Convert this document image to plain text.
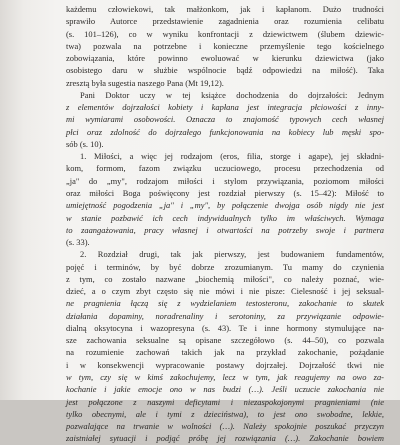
każdemu człowiekowi, tak małżonkom, jak i kapłanom. Dużo trudności
sprawiło Autorce przedstawienie zagadnienia oraz rozumienia celibatu
(s. 101–126), co w wyniku konfrontacji z dziewictwem (ślubem dziewic-
twa) pozwala na potrzebne i konieczne przemyślenie tego kościelnego
zobowiązania, które powinno ewoluować w kierunku dziewictwa (jako
osobistego daru w służbie wspólnocie bądź odpowiedzi na miłość). Taka
zresztą była sugestia naszego Pana (Mt 19,12).

Pani Doktor uczy w tej książce dochodzenia do dojrzałości: Jednym
z elementów dojrzałości kobiety i kapłana jest integracja płciowości z inny-
mi wymiarami osobowości. Oznacza to znajomość typowych cech własnej
płci oraz zdolność do dojrzałego funkcjonowania na kobiecy lub męski spo-
sób (s. 10).

1. Miłości, a więc jej rodzajom (eros, filia, storge i agape), jej składni-
kom, formom, fazom związku uczuciowego, procesu przechodzenia od
„ja" do „my", rodzajom miłości i stylom przywiązania, poziomom miłości
oraz miłości Boga poświęcony jest rozdział pierwszy (s. 15–42): Miłość to
umiejętność pogodzenia „ja" i „my", by połączenie dwojga osób nigdy nie jest
w stanie pozbawić ich cech indywidualnych tylko im właściwych. Wymaga
to zaangażowania, pracy własnej i otwartości na potrzeby swoje i partnera
(s. 33).

2. Rozdział drugi, tak jak pierwszy, jest budowaniem fundamentów,
pojęć i terminów, by być dobrze zrozumianym. Tu mamy do czynienia
z tym, co zostało nazwane „biochemią miłości", co należy poznać, wie-
dzieć, a o czym zbyt często się nie mówi i nie pisze: Cielesność i jej seksual-
ne pragnienia łączą się z wydzielaniem testosteronu, zakochanie to skutek
działania dopaminy, noradrenaliny i serotoniny, za przywiązanie odpowie-
dialną oksytocyna i wazopresyna (s. 43). Te i inne hormony stymulujące na-
sze zachowania seksualne są opisane szczegółowo (s. 44–50), co pozwala
na rozumienie zachowań takich jak na przykład zakochanie, pożądanie
i w konsekwencji wypracowanie postawy dojrzałej. Dojrzałość tkwi nie
w tym, czy się w kimś zakochujemy, lecz w tym, jak reagujemy na owo za-
kochanie i jakie emocje ono w nas budzi (…). Jeśli uczucie zakochania nie
jest połączone z naszymi deficytami i niezaspokojonymi pragnieniami (nie
tylko obecnymi, ale i tymi z dzieciństwa), to jest ono swobodne, lekkie,
pozwalające na trwanie w wolności (…). Należy spokojnie poszukać przyczyn
zaistniałej sytuacji i podjąć próbę jej rozwiązania (…). Zakochanie bowiem
